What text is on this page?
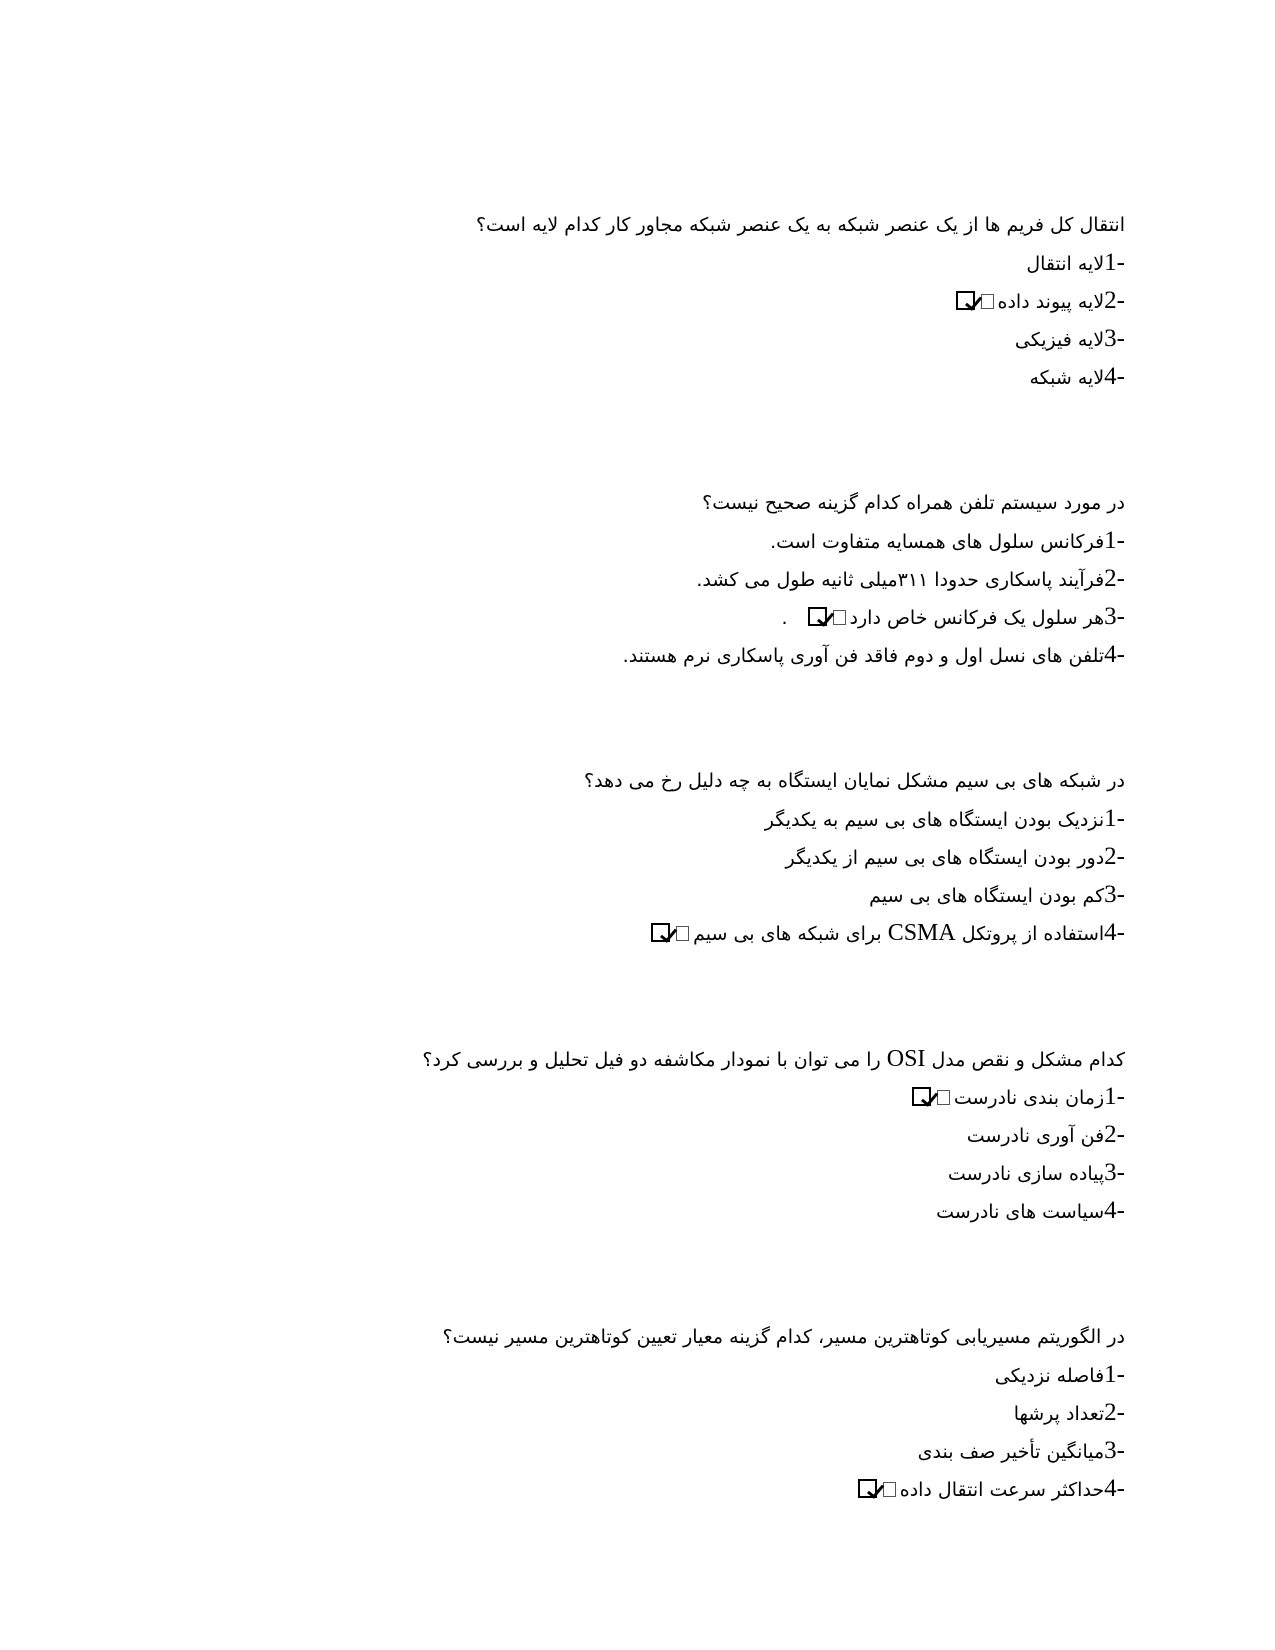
انتقال کل فریم ها از یک عنصر شبکه به یک عنصر شبکه مجاور کار کدام لایه است؟
1-لایه انتقال
2-لایه پیوند داده
3-لایه فیزیکی
4-لایه شبکه
در مورد سیستم تلفن همراه کدام گزینه صحیح نیست؟
1-فرکانس سلول های همسایه متفاوت است.
2-فرآیند پاسکاری حدودا ۳۱۱میلی ثانیه طول می کشد.
3-هر سلول یک فرکانس خاص دارد.
4-تلفن های نسل اول و دوم فاقد فن آوری پاسکاری نرم هستند.
در شبکه های بی سیم مشکل نمایان ایستگاه به چه دلیل رخ می دهد؟
1-نزدیک بودن ایستگاه های بی سیم به یکدیگر
2-دور بودن ایستگاه های بی سیم از یکدیگر
3-کم بودن ایستگاه های بی سیم
4-استفاده از پروتکل CSMA برای شبکه های بی سیم
کدام مشکل و نقص مدل OSI را می توان با نمودار مکاشفه دو فیل تحلیل و بررسی کرد؟
1-زمان بندی نادرست
2-فن آوری نادرست
3-پیاده سازی نادرست
4-سیاست های نادرست
در الگوریتم مسیریابی کوتاهترین مسیر، کدام گزینه معیار تعیین کوتاهترین مسیر نیست؟
1-فاصله نزدیکی
2-تعداد پرشها
3-میانگین تأخیر صف بندی
4-حداکثر سرعت انتقال داده
